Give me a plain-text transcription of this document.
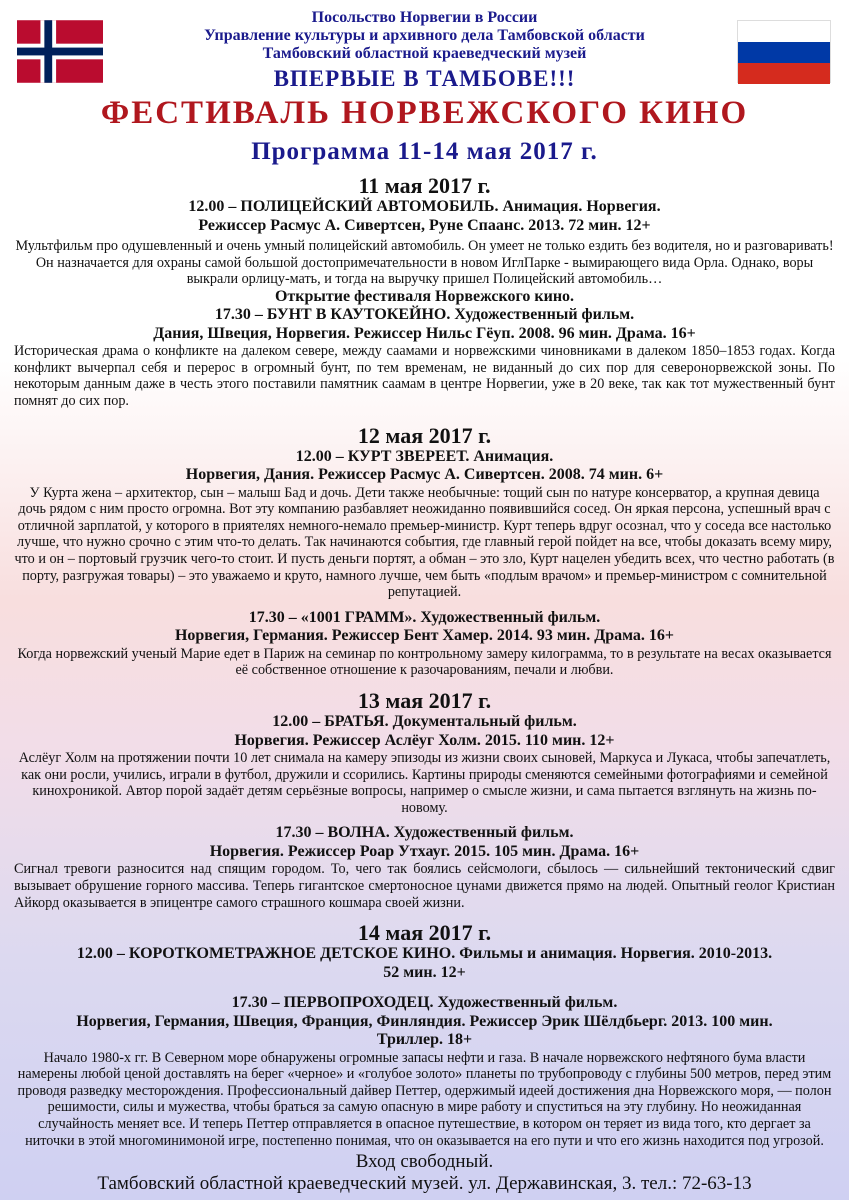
Посольство Норвегии в России
Управление культуры и архивного дела Тамбовской области
Тамбовский областной краеведческий музей
ВПЕРВЫЕ В ТАМБОВЕ!!!
ФЕСТИВАЛЬ НОРВЕЖСКОГО КИНО
Программа 11-14 мая 2017 г.
11 мая 2017 г.
12.00 – ПОЛИЦЕЙСКИЙ АВТОМОБИЛЬ. Анимация. Норвегия.
Режиссер Расмус А. Сивертсен, Руне Спаанс. 2013. 72 мин. 12+

Мультфильм про одушевленный и очень умный полицейский автомобиль. Он умеет не только ездить без водителя, но и разговаривать! Он назначается для охраны самой большой достопримечательности в новом ИглПарке - вымирающего вида Орла. Однако, воры выкрали орлицу-мать, и тогда на выручку пришел Полицейский автомобиль…

Открытие фестиваля Норвежского кино.
17.30 – БУНТ В КАУТОКЕЙНО. Художественный фильм.
Дания, Швеция, Норвегия. Режиссер Нильс Гёуп. 2008. 96 мин. Драма. 16+

Историческая драма о конфликте на далеком севере, между саамами и норвежскими чиновниками в далеком 1850–1853 годах. Когда конфликт вычерпал себя и перерос в огромный бунт, по тем временам, не виданный до сих пор для северонорвежской зоны. По некоторым данным даже в честь этого поставили памятник саамам в центре Норвегии, уже в 20 веке, так как тот мужественный бунт помнят до сих пор.

12 мая 2017 г.
12.00 – КУРТ ЗВЕРЕЕТ. Анимация.
Норвегия, Дания. Режиссер Расмус А. Сивертсен. 2008. 74 мин. 6+

У Курта жена – архитектор, сын – малыш Бад и дочь. Дети также необычные: тощий сын по натуре консерватор, а крупная девица дочь рядом с ним просто огромна. Вот эту компанию разбавляет неожиданно появившийся сосед. Он яркая персона, успешный врач с отличной зарплатой, у которого в приятелях немного-немало премьер-министр. Курт теперь вдруг осознал, что у соседа все настолько лучше, что нужно срочно с этим что-то делать. Так начинаются события, где главный герой пойдет на все, чтобы доказать всему миру, что и он – портовый грузчик чего-то стоит. И пусть деньги портят, а обман – это зло, Курт нацелен убедить всех, что честно работать (в порту, разгружая товары) – это уважаемо и круто, намного лучше, чем быть «подлым врачом» и премьер-министром с сомнительной репутацией.

17.30 – «1001 ГРАММ». Художественный фильм.
Норвегия, Германия. Режиссер Бент Хамер. 2014. 93 мин. Драма. 16+

Когда норвежский ученый Марие едет в Париж на семинар по контрольному замеру килограмма, то в результате на весах оказывается её собственное отношение к разочарованиям, печали и любви.

13 мая 2017 г.
12.00 – БРАТЬЯ. Документальный фильм.
Норвегия. Режиссер Аслёуг Холм. 2015. 110 мин. 12+

Аслёуг Холм на протяжении почти 10 лет снимала на камеру эпизоды из жизни своих сыновей, Маркуса и Лукаса, чтобы запечатлеть, как они росли, учились, играли в футбол, дружили и ссорились. Картины природы сменяются семейными фотографиями и семейной кинохроникой. Автор порой задаёт детям серьёзные вопросы, например о смысле жизни, и сама пытается взглянуть на жизнь по-новому.

17.30 – ВОЛНА. Художественный фильм.
Норвегия. Режиссер Роар Утхауг. 2015. 105 мин. Драма. 16+

Сигнал тревоги разносится над спящим городом. То, чего так боялись сейсмологи, сбылось — сильнейший тектонический сдвиг вызывает обрушение горного массива. Теперь гигантское смертоносное цунами движется прямо на людей. Опытный геолог Кристиан Айкорд оказывается в эпицентре самого страшного кошмара своей жизни.

14 мая 2017 г.
12.00 – КОРОТКОМЕТРАЖНОЕ ДЕТСКОЕ КИНО. Фильмы и анимация. Норвегия. 2010-2013.
52 мин. 12+
17.30 – ПЕРВОПРОХОДЕЦ. Художественный фильм.
Норвегия, Германия, Швеция, Франция, Финляндия. Режиссер Эрик Шёлдбьерг. 2013. 100 мин.
Триллер. 18+

Начало 1980-х гг. В Северном море обнаружены огромные запасы нефти и газа. В начале норвежского нефтяного бума власти намерены любой ценой доставлять на берег «черное» и «голубое золото» планеты по трубопроводу с глубины 500 метров, перед этим проводя разведку месторождения. Профессиональный дайвер Петтер, одержимый идеей достижения дна Норвежского моря, — полон решимости, силы и мужества, чтобы браться за самую опасную в мире работу и спуститься на эту глубину. Но неожиданная случайность меняет все. И теперь Петтер отправляется в опасное путешествие, в котором он теряет из вида того, кто дергает за ниточки в этой многоминимоной игре, постепенно понимая, что он оказывается на его пути и что его жизнь находится под угрозой.

Вход свободный.
Тамбовский областной краеведческий музей. ул. Державинская, 3. тел.: 72-63-13
